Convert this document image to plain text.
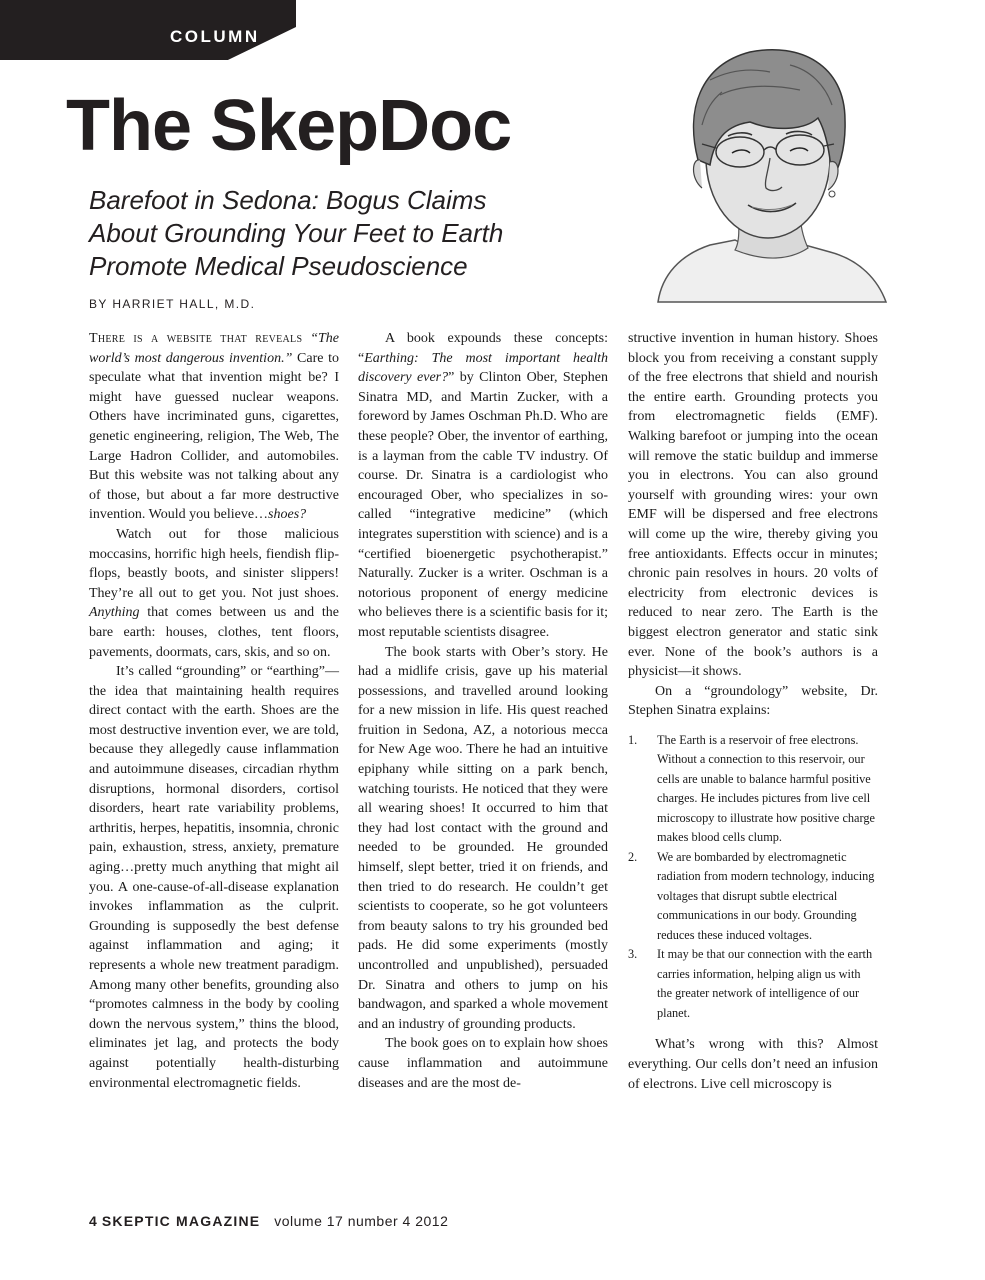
COLUMN
The SkepDoc
Barefoot in Sedona: Bogus Claims
About Grounding Your Feet to Earth
Promote Medical Pseudoscience
BY HARRIET HALL, M.D.

There is a website that reveals “The world’s most dangerous invention.” Care to speculate what that invention might be? I might have guessed nuclear weapons. Others have incriminated guns, cigarettes, genetic engineering, religion, The Web, The Large Hadron Collider, and automobiles. But this website was not talking about any of those, but about a far more destructive invention. Would you believe…shoes?

Watch out for those malicious moccasins, horrific high heels, fiendish flip-flops, beastly boots, and sinister slippers! They’re all out to get you. Not just shoes. Anything that comes between us and the bare earth: houses, clothes, tent floors, pavements, doormats, cars, skis, and so on.

It’s called “grounding” or “earthing”—the idea that maintaining health requires direct contact with the earth. Shoes are the most destructive invention ever, we are told, because they allegedly cause inflammation and autoimmune diseases, circadian rhythm disruptions, hormonal disorders, cortisol disorders, heart rate variability problems, arthritis, herpes, hepatitis, insomnia, chronic pain, exhaustion, stress, anxiety, premature aging…pretty much anything that might ail you. A one-cause-of-all-disease explanation invokes inflammation as the culprit. Grounding is supposedly the best defense against inflammation and aging; it represents a whole new treatment paradigm. Among many other benefits, grounding also “promotes calmness in the body by cooling down the nervous system,” thins the blood, eliminates jet lag, and protects the body against potentially health-disturbing environmental electromagnetic fields.

A book expounds these concepts: “Earthing: The most important health discovery ever?” by Clinton Ober, Stephen Sinatra MD, and Martin Zucker, with a foreword by James Oschman Ph.D. Who are these people? Ober, the inventor of earthing, is a layman from the cable TV industry. Of course. Dr. Sinatra is a cardiologist who encouraged Ober, who specializes in so-called “integrative medicine” (which integrates superstition with science) and is a “certified bioenergetic psychotherapist.” Naturally. Zucker is a writer. Oschman is a notorious proponent of energy medicine who believes there is a scientific basis for it; most reputable scientists disagree.

The book starts with Ober’s story. He had a midlife crisis, gave up his material possessions, and travelled around looking for a new mission in life. His quest reached fruition in Sedona, AZ, a notorious mecca for New Age woo. There he had an intuitive epiphany while sitting on a park bench, watching tourists. He noticed that they were all wearing shoes! It occurred to him that they had lost contact with the ground and needed to be grounded. He grounded himself, slept better, tried it on friends, and then tried to do research. He couldn’t get scientists to cooperate, so he got volunteers from beauty salons to try his grounded bed pads. He did some experiments (mostly uncontrolled and unpublished), persuaded Dr. Sinatra and others to jump on his bandwagon, and sparked a whole movement and an industry of grounding products.

The book goes on to explain how shoes cause inflammation and autoimmune diseases and are the most de-

structive invention in human history. Shoes block you from receiving a constant supply of the free electrons that shield and nourish the entire earth. Grounding protects you from electromagnetic fields (EMF). Walking barefoot or jumping into the ocean will remove the static buildup and immerse you in electrons. You can also ground yourself with grounding wires: your own EMF will be dispersed and free electrons will come up the wire, thereby giving you free antioxidants. Effects occur in minutes; chronic pain resolves in hours. 20 volts of electricity from electronic devices is reduced to near zero. The Earth is the biggest electron generator and static sink ever. None of the book’s authors is a physicist—it shows.

On a “groundology” website, Dr. Stephen Sinatra explains:

1.	The Earth is a reservoir of free electrons. Without a connection to this reservoir, our cells are unable to balance harmful positive charges. He includes pictures from live cell microscopy to illustrate how positive charge makes blood cells clump.
2.	We are bombarded by electromagnetic radiation from modern technology, inducing voltages that disrupt subtle electrical communications in our body. Grounding reduces these induced voltages.
3.	It may be that our connection with the earth carries information, helping align us with the greater network of intelligence of our planet.

What’s wrong with this? Almost everything. Our cells don’t need an infusion of electrons. Live cell microscopy is

4 SKEPTIC MAGAZINE volume 17 number 4 2012
